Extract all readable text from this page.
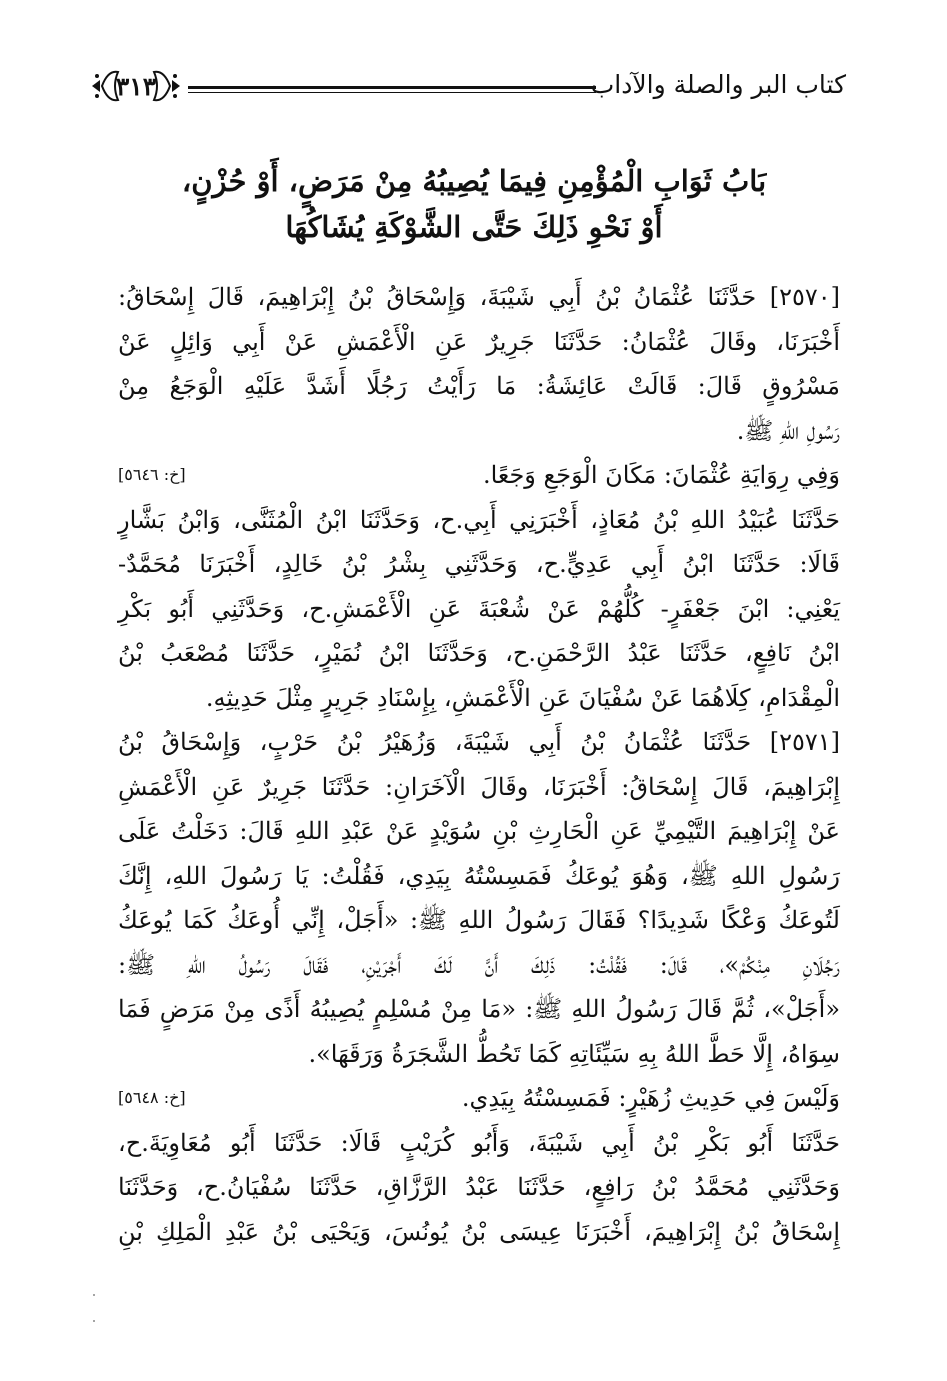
كتاب البر والصلة والآداب
٣١٣
بَابُ ثَوَابِ الْمُؤْمِنِ فِيمَا يُصِيبُهُ مِنْ مَرَضٍ، أَوْ حُزْنٍ،
أَوْ نَحْوِ ذَلِكَ حَتَّى الشَّوْكَةِ يُشَاكُهَا
[٢٥٧٠] حَدَّثَنَا عُثْمَانُ بْنُ أَبِي شَيْبَةَ، وَإِسْحَاقُ بْنُ إِبْرَاهِيمَ، قَالَ إِسْحَاقُ:
أَخْبَرَنَا، وقَالَ عُثْمَانُ: حَدَّثَنَا جَرِيرٌ عَنِ الْأَعْمَشِ عَنْ أَبِي وَائِلٍ عَنْ
مَسْرُوقٍ قَالَ: قَالَتْ عَائِشَةُ: مَا رَأَيْتُ رَجُلًا أَشَدَّ عَلَيْهِ الْوَجَعُ مِنْ
رَسُولِ اللهِ ﷺ.
وَفِي رِوَايَةِ عُثْمَانَ: مَكَانَ الْوَجَعِ وَجَعًا.
[خ: ٥٦٤٦]
حَدَّثَنَا عُبَيْدُ اللهِ بْنُ مُعَاذٍ، أَخْبَرَنِي أَبِي.ح، وَحَدَّثَنَا ابْنُ الْمُثَنَّى، وَابْنُ بَشَّارٍ
قَالَا: حَدَّثَنَا ابْنُ أَبِي عَدِيٍّ.ح، وَحَدَّثَنِي بِشْرُ بْنُ خَالِدٍ، أَخْبَرَنَا مُحَمَّدٌ-
يَعْنِي: ابْنَ جَعْفَرٍ- كُلُّهُمْ عَنْ شُعْبَةَ عَنِ الْأَعْمَشِ.ح، وَحَدَّثَنِي أَبُو بَكْرِ
ابْنُ نَافِعٍ، حَدَّثَنَا عَبْدُ الرَّحْمَنِ.ح، وَحَدَّثَنَا ابْنُ نُمَيْرٍ، حَدَّثَنَا مُصْعَبُ بْنُ
الْمِقْدَامِ، كِلَاهُمَا عَنْ سُفْيَانَ عَنِ الْأَعْمَشِ، بِإِسْنَادِ جَرِيرٍ مِثْلَ حَدِيثِهِ.
[٢٥٧١] حَدَّثَنَا عُثْمَانُ بْنُ أَبِي شَيْبَةَ، وَزُهَيْرُ بْنُ حَرْبٍ، وَإِسْحَاقُ بْنُ
إِبْرَاهِيمَ، قَالَ إِسْحَاقُ: أَخْبَرَنَا، وقَالَ الْآخَرَانِ: حَدَّثَنَا جَرِيرٌ عَنِ الْأَعْمَشِ
عَنْ إِبْرَاهِيمَ التَّيْمِيِّ عَنِ الْحَارِثِ بْنِ سُوَيْدٍ عَنْ عَبْدِ اللهِ قَالَ: دَخَلْتُ عَلَى
رَسُولِ اللهِ ﷺ، وَهُوَ يُوعَكُ فَمَسِسْتُهُ بِيَدِي، فَقُلْتُ: يَا رَسُولَ اللهِ، إِنَّكَ
لَتُوعَكُ وَعْكًا شَدِيدًا؟ فَقَالَ رَسُولُ اللهِ ﷺ: «أَجَلْ، إِنِّي أُوعَكُ كَمَا يُوعَكُ
رَجُلَانِ مِنْكُمْ»، قَالَ: فَقُلْتُ: ذَلِكَ أَنَّ لَكَ أَجْرَيْنِ، فَقَالَ رَسُولُ اللهِ ﷺ:
«أَجَلْ»، ثُمَّ قَالَ رَسُولُ اللهِ ﷺ: «مَا مِنْ مُسْلِمٍ يُصِيبُهُ أَذًى مِنْ مَرَضٍ فَمَا
سِوَاهُ، إِلَّا حَطَّ اللهُ بِهِ سَيِّئَاتِهِ كَمَا تَحُطُّ الشَّجَرَةُ وَرَقَهَا».
وَلَيْسَ فِي حَدِيثِ زُهَيْرٍ: فَمَسِسْتُهُ بِيَدِي.
[خ: ٥٦٤٨]
حَدَّثَنَا أَبُو بَكْرِ بْنُ أَبِي شَيْبَةَ، وَأَبُو كُرَيْبٍ قَالَا: حَدَّثَنَا أَبُو مُعَاوِيَةَ.ح،
وَحَدَّثَنِي مُحَمَّدُ بْنُ رَافِعٍ، حَدَّثَنَا عَبْدُ الرَّزَّاقِ، حَدَّثَنَا سُفْيَانُ.ح، وَحَدَّثَنَا
إِسْحَاقُ بْنُ إِبْرَاهِيمَ، أَخْبَرَنَا عِيسَى بْنُ يُونُسَ، وَيَحْيَى بْنُ عَبْدِ الْمَلِكِ بْنِ
